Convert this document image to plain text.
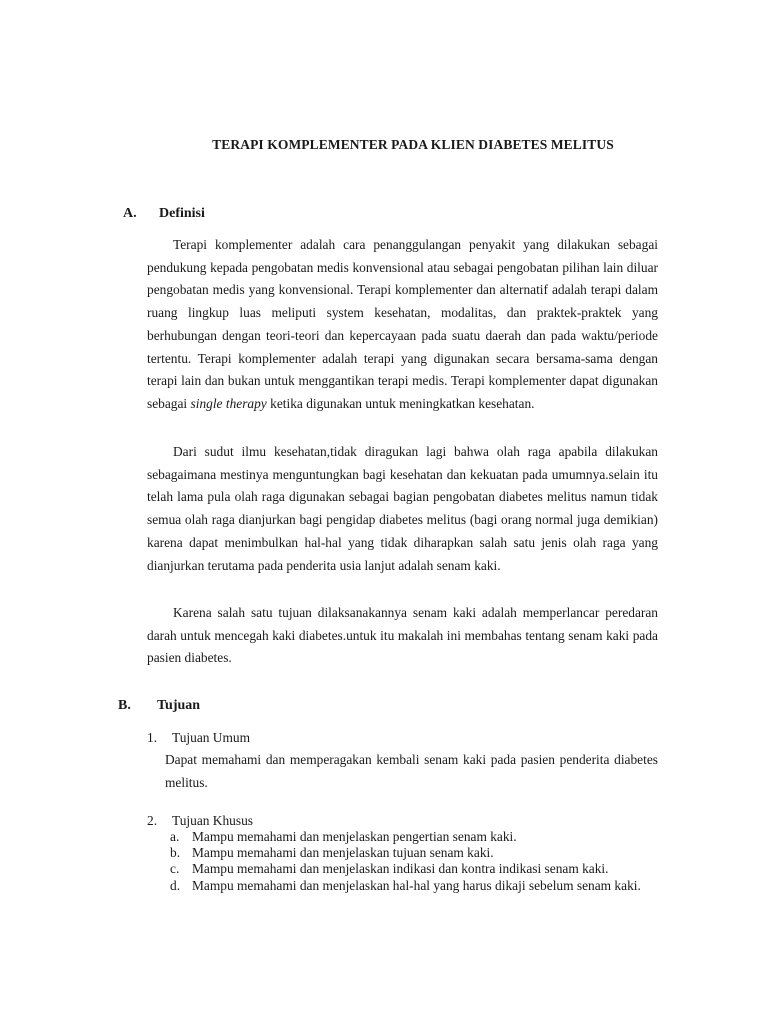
TERAPI KOMPLEMENTER PADA KLIEN DIABETES MELITUS
A. Definisi

Terapi komplementer adalah cara penanggulangan penyakit yang dilakukan sebagai pendukung kepada pengobatan medis konvensional atau sebagai pengobatan pilihan lain diluar pengobatan medis yang konvensional. Terapi komplementer dan alternatif adalah terapi dalam ruang lingkup luas meliputi system kesehatan, modalitas, dan praktek-praktek yang berhubungan dengan teori-teori dan kepercayaan pada suatu daerah dan pada waktu/periode tertentu. Terapi komplementer adalah terapi yang digunakan secara bersama-sama dengan terapi lain dan bukan untuk menggantikan terapi medis. Terapi komplementer dapat digunakan sebagai single therapy ketika digunakan untuk meningkatkan kesehatan.

Dari sudut ilmu kesehatan,tidak diragukan lagi bahwa olah raga apabila dilakukan sebagaimana mestinya menguntungkan bagi kesehatan dan kekuatan pada umumnya.selain itu telah lama pula olah raga digunakan sebagai bagian pengobatan diabetes melitus namun tidak semua olah raga dianjurkan bagi pengidap diabetes melitus (bagi orang normal juga demikian) karena dapat menimbulkan hal-hal yang tidak diharapkan salah satu jenis olah raga yang dianjurkan terutama pada penderita usia lanjut adalah senam kaki.

Karena salah satu tujuan dilaksanakannya senam kaki adalah memperlancar peredaran darah untuk mencegah kaki diabetes.untuk itu makalah ini membahas tentang senam kaki pada pasien diabetes.

B. Tujuan
1. Tujuan Umum

Dapat memahami dan memperagakan kembali senam kaki pada pasien penderita diabetes melitus.

2. Tujuan Khusus
a. Mampu memahami dan menjelaskan pengertian senam kaki.
b. Mampu memahami dan menjelaskan tujuan senam kaki.
c. Mampu memahami dan menjelaskan indikasi dan kontra indikasi senam kaki.
d. Mampu memahami dan menjelaskan hal-hal yang harus dikaji sebelum senam kaki.
